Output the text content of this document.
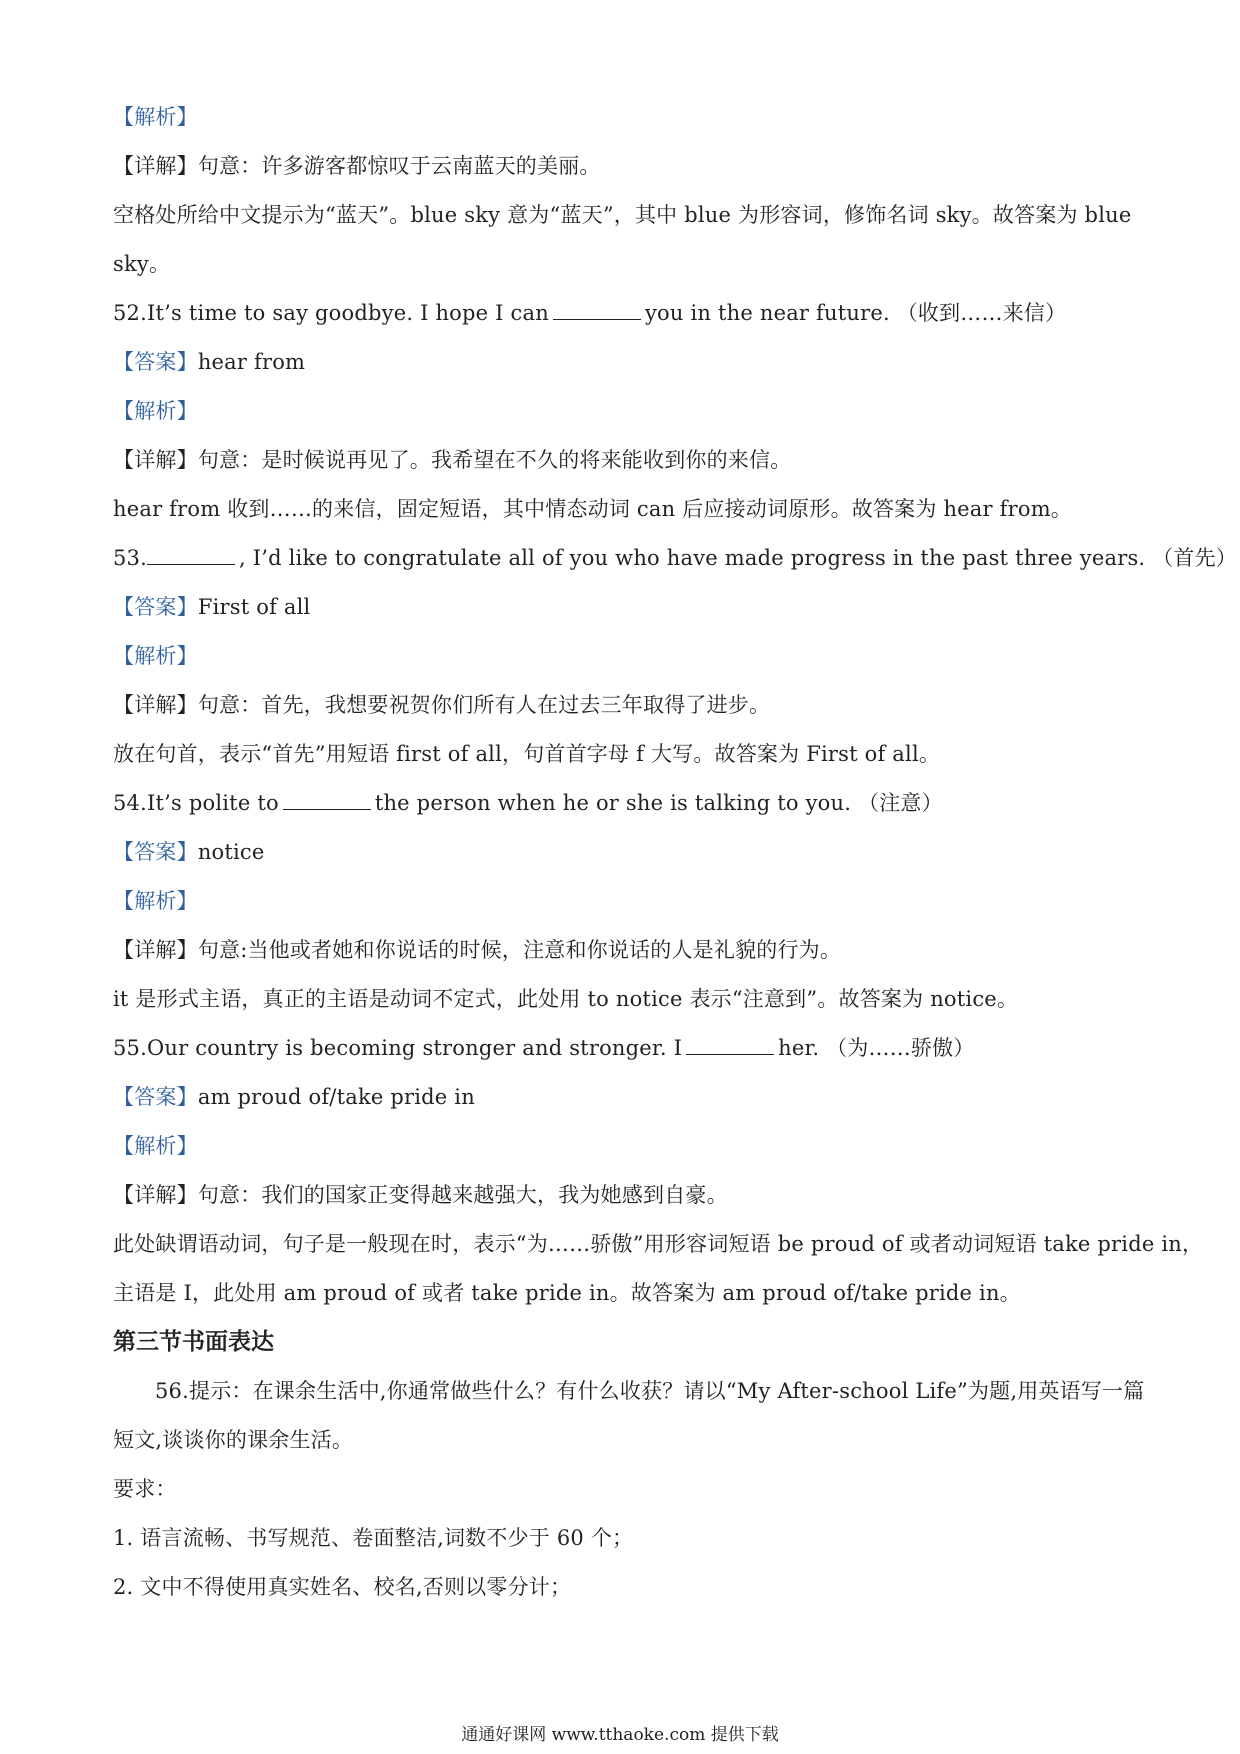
【解析】
【详解】句意：许多游客都惊叹于云南蓝天的美丽。
空格处所给中文提示为“蓝天”。blue sky 意为“蓝天”，其中 blue 为形容词，修饰名词 sky。故答案为 blue
sky。
52.It’s time to say goodbye. I hope I can	you in the near future. （收到……来信）
【答案】hear from
【解析】
【详解】句意：是时候说再见了。我希望在不久的将来能收到你的来信。
hear from 收到……的来信，固定短语，其中情态动词 can 后应接动词原形。故答案为 hear from。
53.	, I’d like to congratulate all of you who have made progress in the past three years. （首先）
【答案】First of all
【解析】
【详解】句意：首先，我想要祝贺你们所有人在过去三年取得了进步。
放在句首，表示“首先”用短语 first of all，句首首字母 f 大写。故答案为 First of all。
54.It’s polite to	the person when he or she is talking to you. （注意）
【答案】notice
【解析】
【详解】句意:当他或者她和你说话的时候，注意和你说话的人是礼貌的行为。
it 是形式主语，真正的主语是动词不定式，此处用 to notice 表示“注意到”。故答案为 notice。
55.Our country is becoming stronger and stronger. I	her. （为……骄傲）
【答案】am proud of/take pride in
【解析】
【详解】句意：我们的国家正变得越来越强大，我为她感到自豪。
此处缺谓语动词，句子是一般现在时，表示“为……骄傲”用形容词短语 be proud of 或者动词短语 take pride in，
主语是 I，此处用 am proud of 或者 take pride in。故答案为 am proud of/take pride in。
第三节书面表达
56.提示：在课余生活中,你通常做些什么？有什么收获？请以“My After-school Life”为题,用英语写一篇
短文,谈谈你的课余生活。
要求：
1. 语言流畅、书写规范、卷面整洁,词数不少于 60 个；
2. 文中不得使用真实姓名、校名,否则以零分计；
通通好课网 www.tthaoke.com 提供下载
